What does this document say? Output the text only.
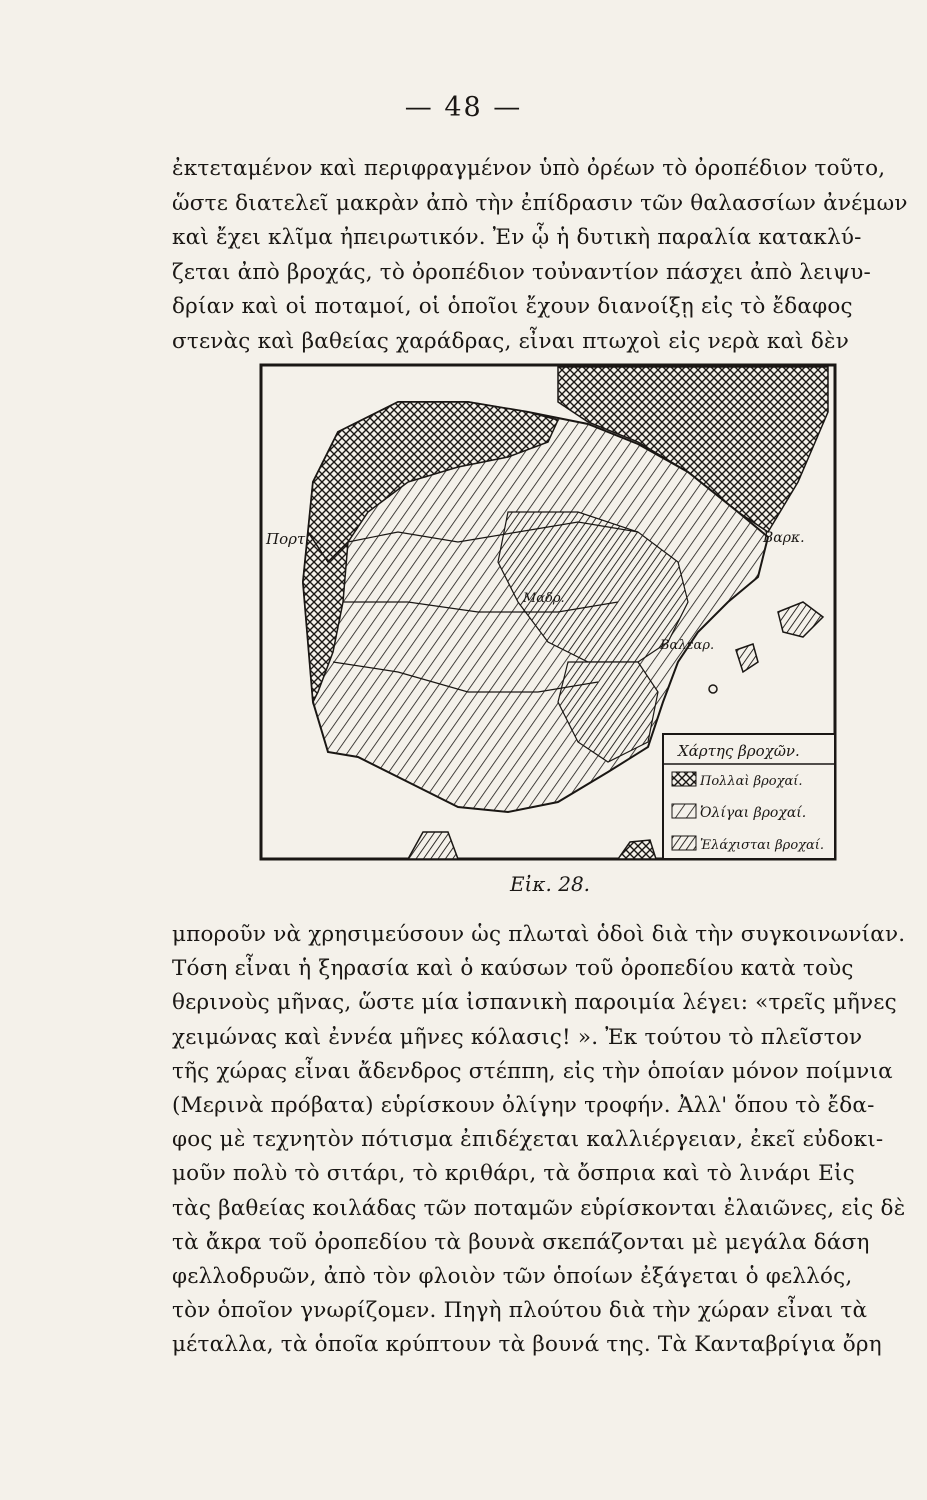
— 48 —
ἐκτεταμένον καὶ περιφραγμένον ὑπὸ ὀρέων τὸ ὀροπέδιον τοῦτο,
ὥστε διατελεῖ μακρὰν ἀπὸ τὴν ἐπίδρασιν τῶν θαλασσίων ἀνέμων
καὶ ἔχει κλῖμα ἠπειρωτικόν. Ἐν ᾧ ἡ δυτικὴ παραλία κατακλύ-
ζεται ἀπὸ βροχάς, τὸ ὀροπέδιον τοὐναντίον πάσχει ἀπὸ λειψυ-
δρίαν καὶ οἱ ποταμοί, οἱ ὁποῖοι ἔχουν διανοίξῃ εἰς τὸ ἔδαφος
στενὰς καὶ βαθείας χαράδρας, εἶναι πτωχοὶ εἰς νερὰ καὶ δὲν
Πορτ.	Βαρκ.
Βαλεαρ.
Μαδρ.
Χάρτης βροχῶν.
Πολλαὶ βροχαί.
Ὀλίγαι βροχαί.
Ἐλάχισται βροχαί.
Εἰκ. 28.
μποροῦν νὰ χρησιμεύσουν ὡς πλωταὶ ὁδοὶ διὰ τὴν συγκοινωνίαν.
Τόση εἶναι ἡ ξηρασία καὶ ὁ καύσων τοῦ ὀροπεδίου κατὰ τοὺς
θερινοὺς μῆνας, ὥστε μία ἰσπανικὴ παροιμία λέγει: «τρεῖς μῆνες
χειμώνας καὶ ἐννέα μῆνες κόλασις! ». Ἐκ τούτου τὸ πλεῖστον
τῆς χώρας εἶναι ἄδενδρος στέππη, εἰς τὴν ὁποίαν μόνον ποίμνια
(Μερινὰ πρόβατα) εὑρίσκουν ὀλίγην τροφήν. Ἀλλ' ὅπου τὸ ἔδα-
φος μὲ τεχνητὸν πότισμα ἐπιδέχεται καλλιέργειαν, ἐκεῖ εὐδοκι-
μοῦν πολὺ τὸ σιτάρι, τὸ κριθάρι, τὰ ὄσπρια καὶ τὸ λινάρι Εἰς
τὰς βαθείας κοιλάδας τῶν ποταμῶν εὑρίσκονται ἐλαιῶνες, εἰς δὲ
τὰ ἄκρα τοῦ ὀροπεδίου τὰ βουνὰ σκεπάζονται μὲ μεγάλα δάση
φελλοδρυῶν, ἀπὸ τὸν φλοιὸν τῶν ὁποίων ἐξάγεται ὁ φελλός,
τὸν ὁποῖον γνωρίζομεν. Πηγὴ πλούτου διὰ τὴν χώραν εἶναι τὰ
μέταλλα, τὰ ὁποῖα κρύπτουν τὰ βουνά της. Τὰ Κανταβρίγια ὄρη
